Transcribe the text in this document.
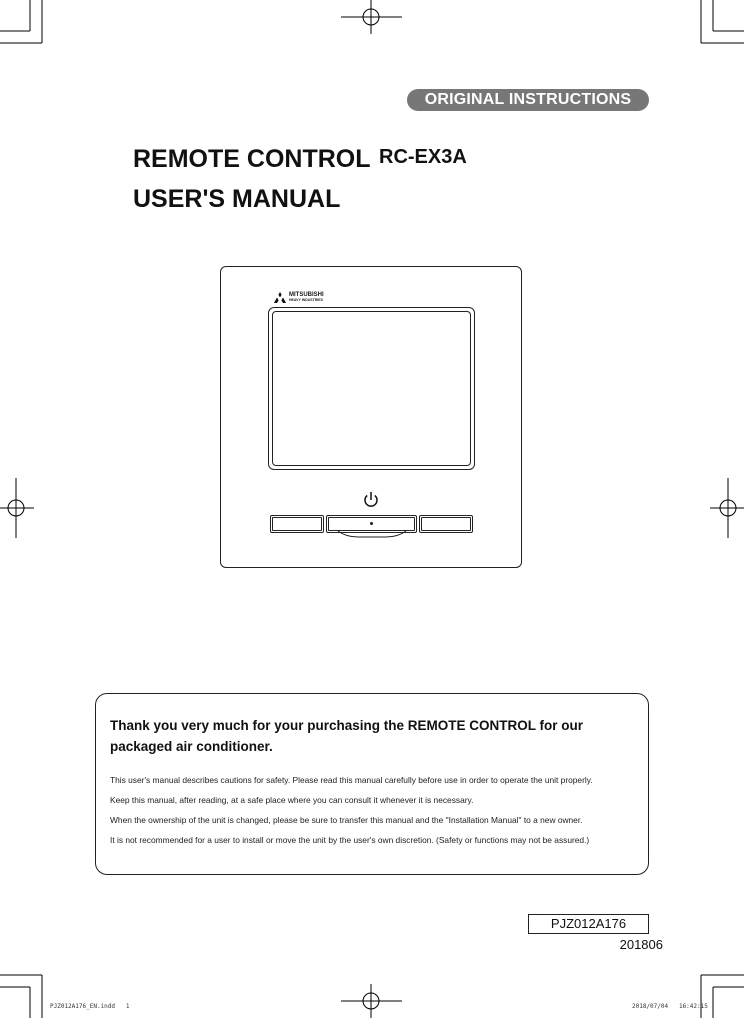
ORIGINAL INSTRUCTIONS
REMOTE CONTROL RC-EX3A
USER'S MANUAL
MITSUBISHI
HEAVY INDUSTRIES
Thank you very much for your purchasing the REMOTE CONTROL for our packaged air conditioner.
This user's manual describes cautions for safety. Please read this manual carefully before use in order to operate the unit properly.
Keep this manual, after reading, at a safe place where you can consult it whenever it is necessary.
When the ownership of the unit is changed, please be sure to transfer this manual and the "Installation Manual" to a new owner.
It is not recommended for a user to install or move the unit by the user's own discretion. (Safety or functions may not be assured.)
PJZ012A176
201806
PJZ012A176_EN.indd   1	2018/07/04   16:42:15
